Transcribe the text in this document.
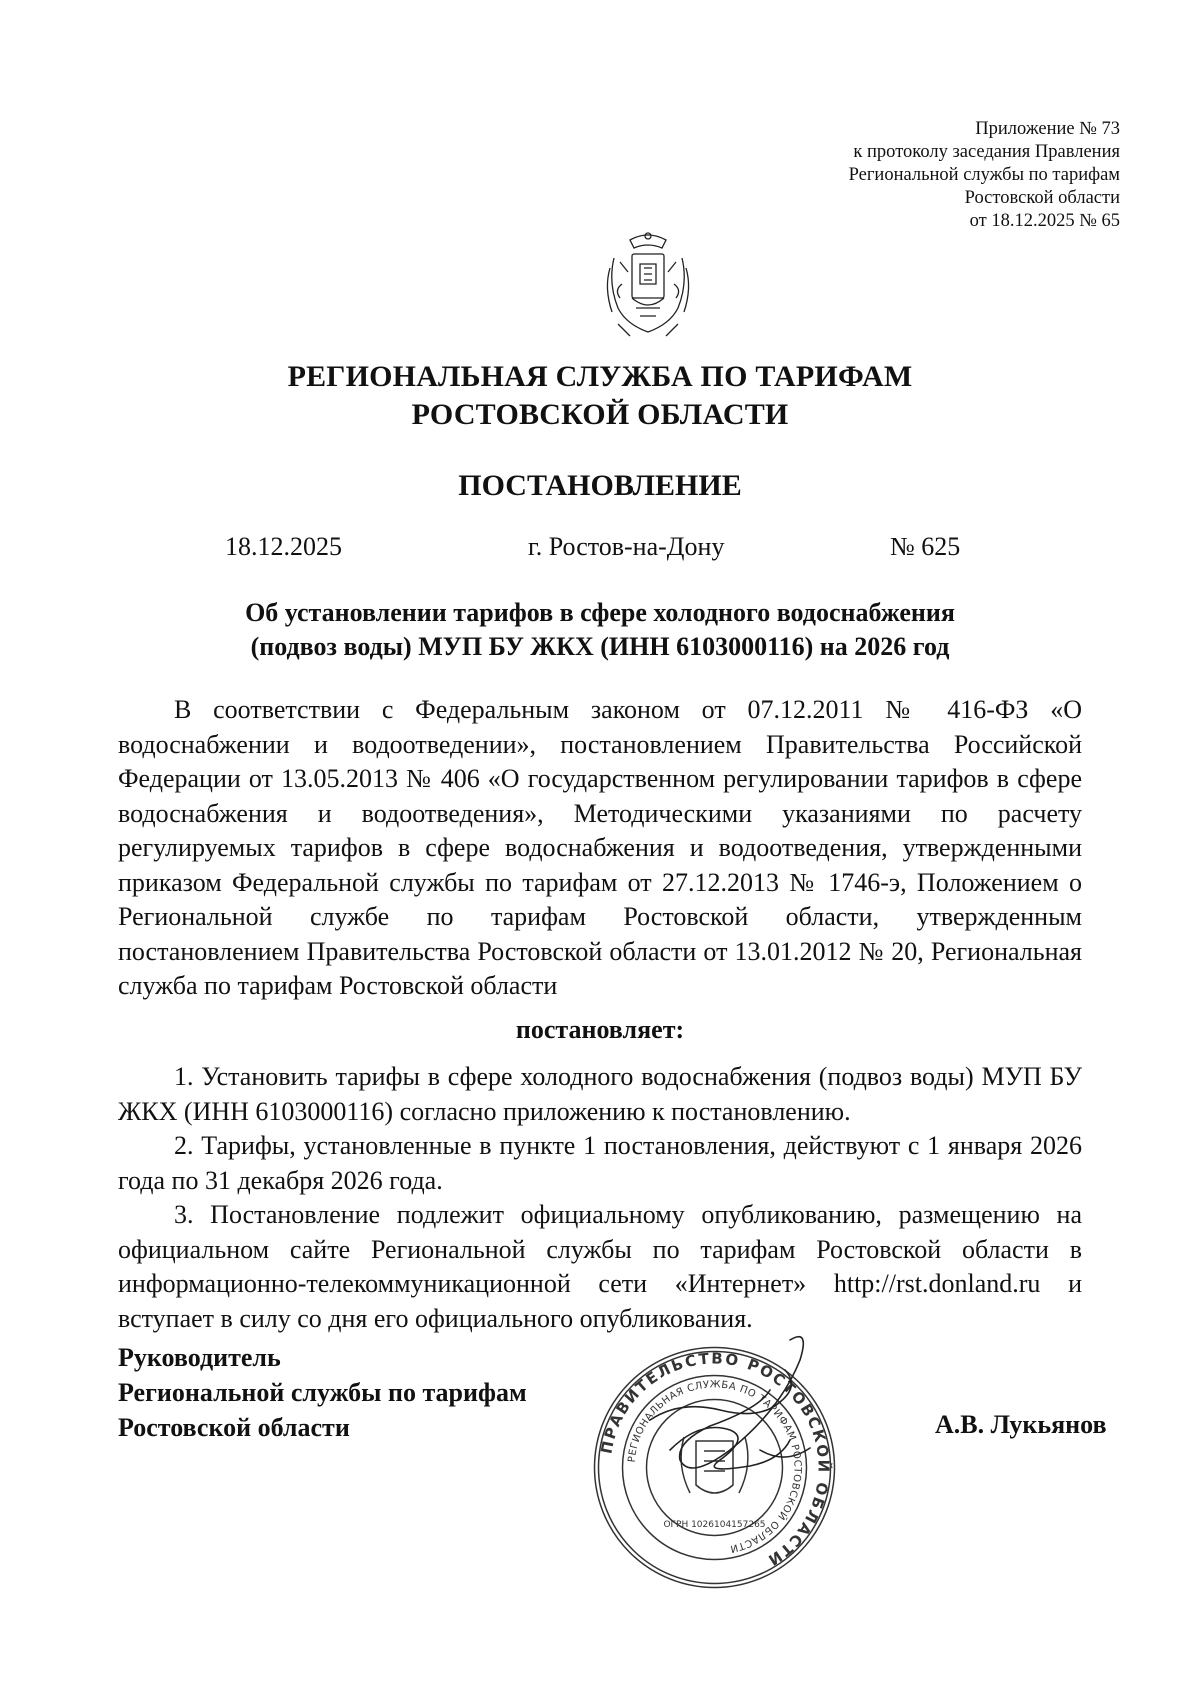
Приложение № 73
к протоколу заседания Правления
Региональной службы по тарифам
Ростовской области
от 18.12.2025 № 65
РЕГИОНАЛЬНАЯ СЛУЖБА ПО ТАРИФАМ
РОСТОВСКОЙ ОБЛАСТИ
ПОСТАНОВЛЕНИЕ
18.12.2025	г. Ростов-на-Дону	№ 625
Об установлении тарифов в сфере холодного водоснабжения
(подвоз воды) МУП БУ ЖКХ (ИНН 6103000116) на 2026 год
В соответствии с Федеральным законом от 07.12.2011 № 416-ФЗ «О водоснабжении и водоотведении», постановлением Правительства Российской Федерации от 13.05.2013 № 406 «О государственном регулировании тарифов в сфере водоснабжения и водоотведения», Методическими указаниями по расчету регулируемых тарифов в сфере водоснабжения и водоотведения, утвержденными приказом Федеральной службы по тарифам от 27.12.2013 № 1746-э, Положением о Региональной службе по тарифам Ростовской области, утвержденным постановлением Правительства Ростовской области от 13.01.2012 № 20, Региональная служба по тарифам Ростовской области
постановляет:

1. Установить тарифы в сфере холодного водоснабжения (подвоз воды) МУП БУ ЖКХ (ИНН 6103000116) согласно приложению к постановлению.

2. Тарифы, установленные в пункте 1 постановления, действуют с 1 января 2026 года по 31 декабря 2026 года.

3. Постановление подлежит официальному опубликованию, размещению на официальном сайте Региональной службы по тарифам Ростовской области в информационно-телекоммуникационной сети «Интернет» http://rst.donland.ru и вступает в силу со дня его официального опубликования.

Руководитель
Региональной службы по тарифам
Ростовской области
ПРАВИТЕЛЬСТВО РОСТОВСКОЙ ОБЛАСТИ
РЕГИОНАЛЬНАЯ СЛУЖБА ПО ТАРИФАМ РОСТОВСКОЙ ОБЛАСТИ
ОГРН 1026104157265
А.В. Лукьянов
